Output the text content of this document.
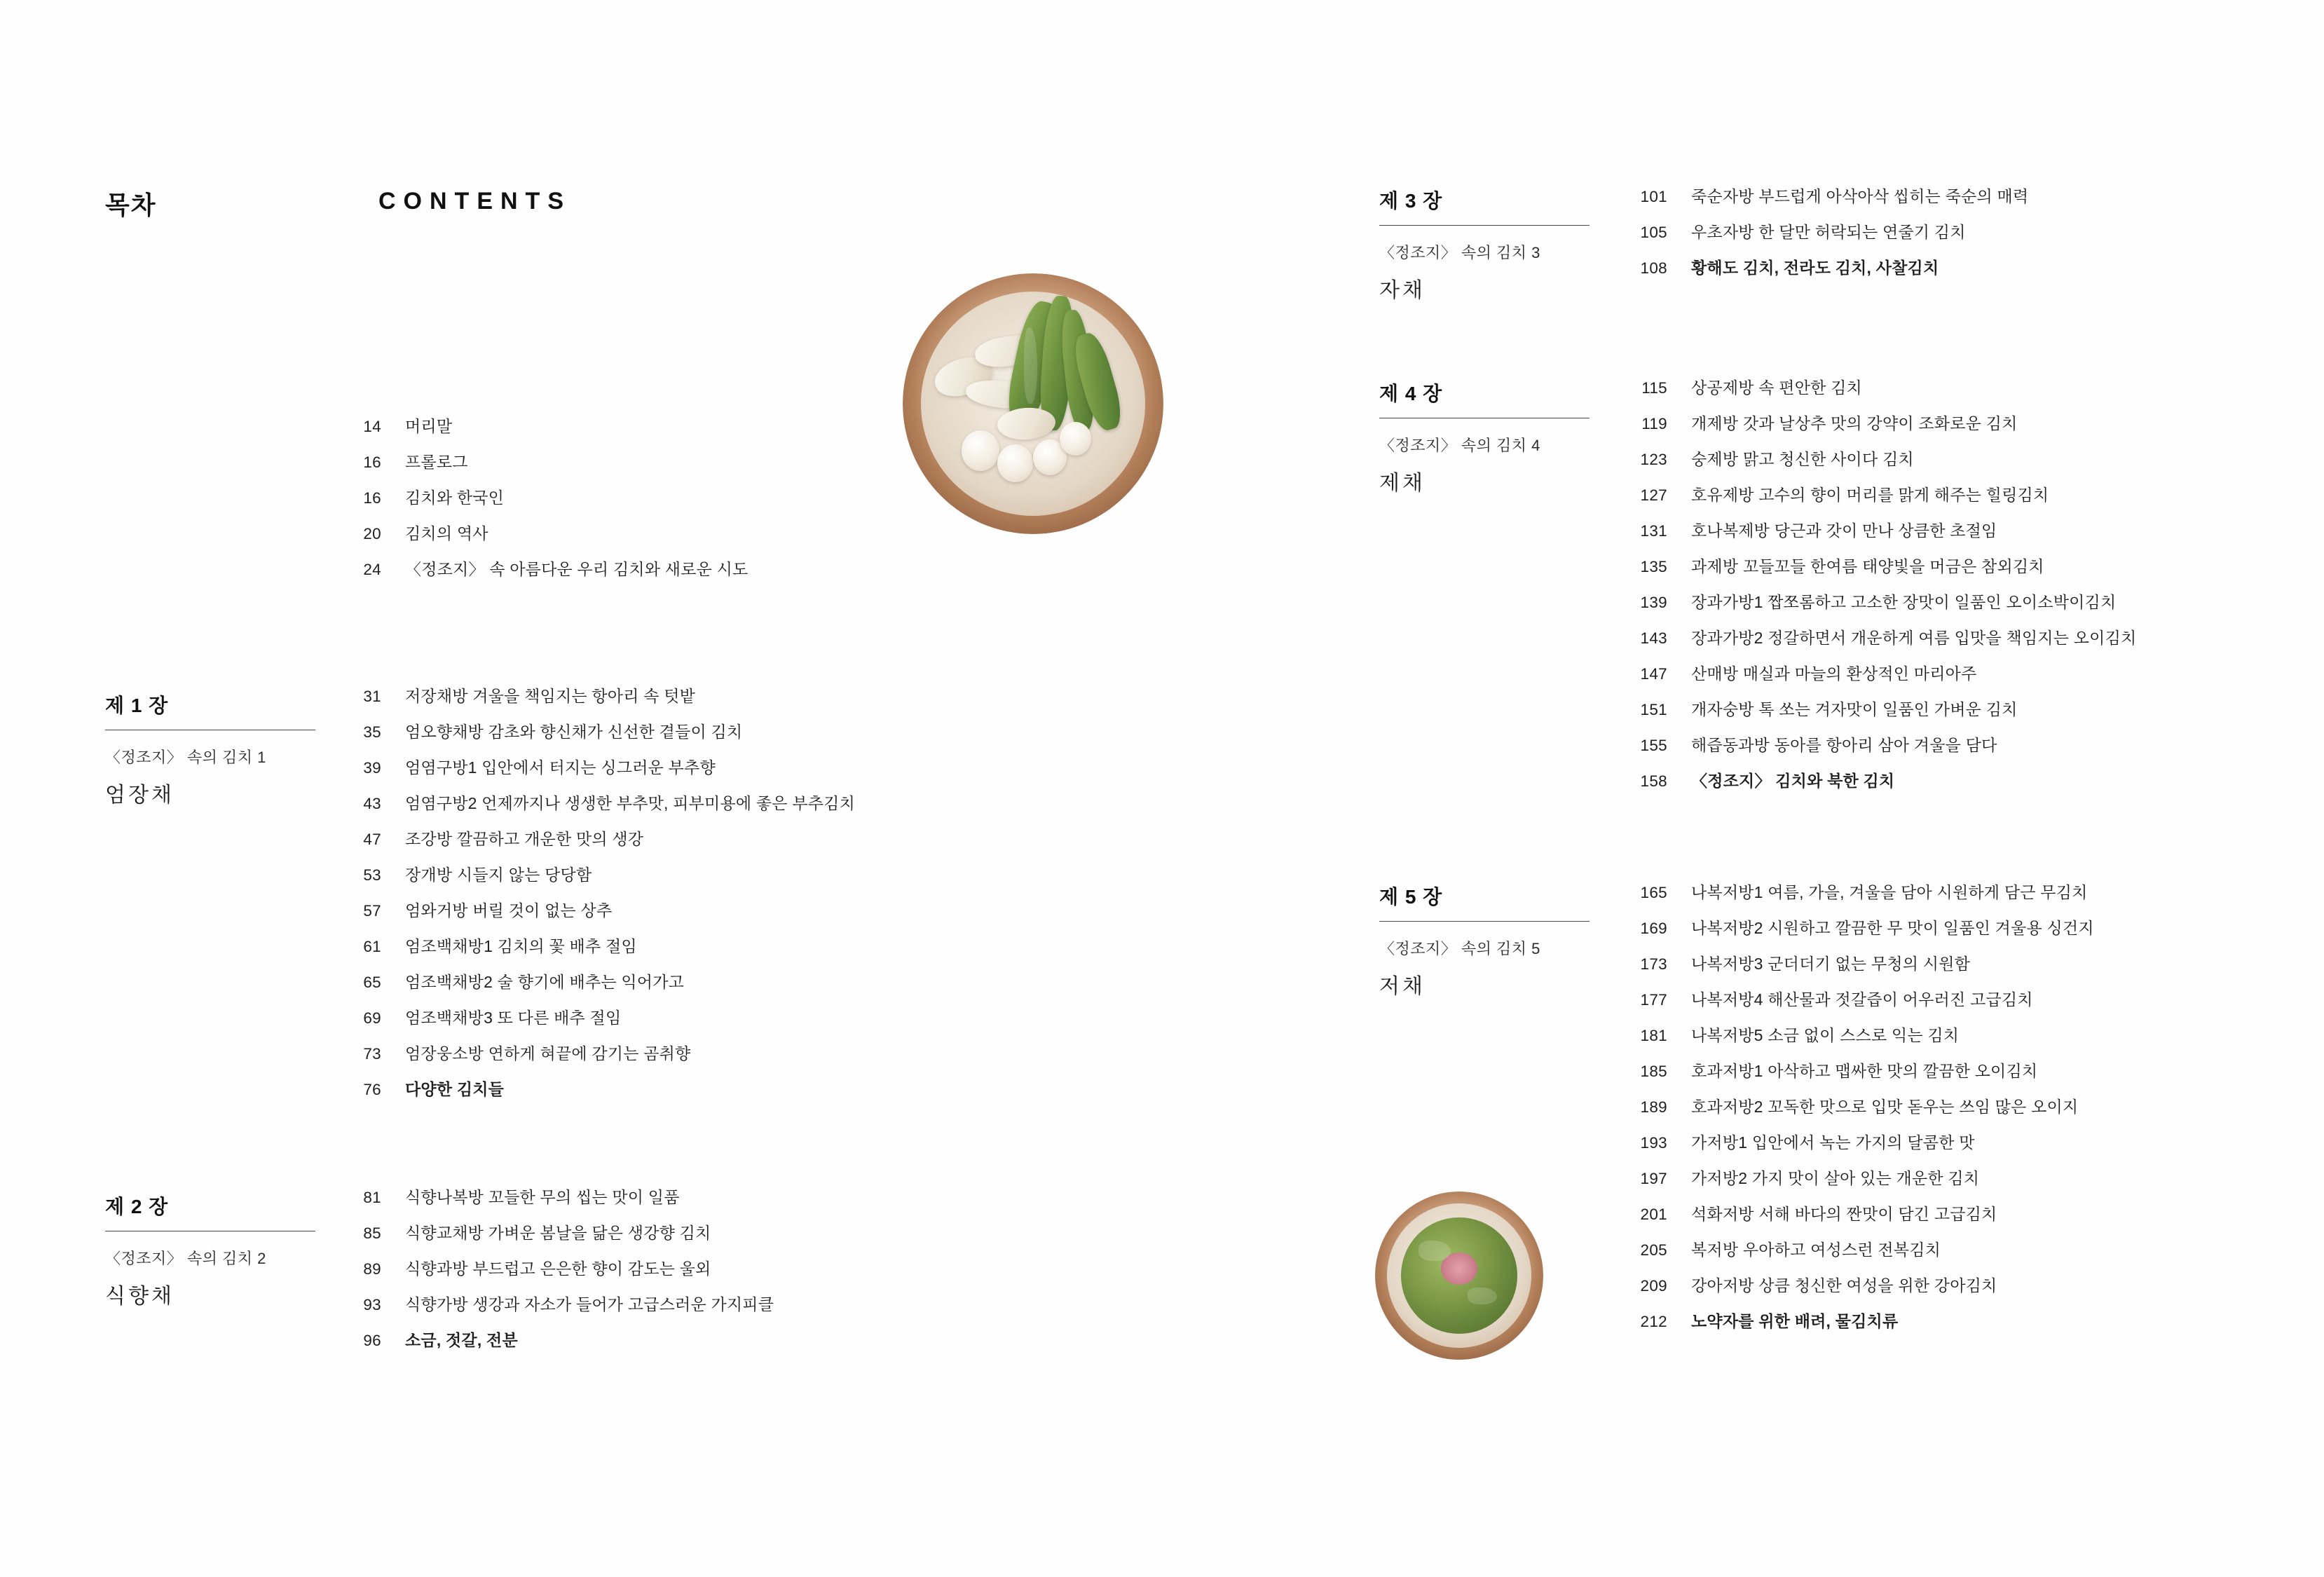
목차	CONTENTS
14	머리말
16	프롤로그
16	김치와 한국인
20	김치의 역사
24	〈정조지〉 속 아름다운 우리 김치와 새로운 시도
제 1 장
〈정조지〉 속의 김치 1
엄장채
31	저장채방 겨울을 책임지는 항아리 속 텃밭
35	엄오향채방 감초와 향신채가 신선한 곁들이 김치
39	엄염구방1 입안에서 터지는 싱그러운 부추향
43	엄염구방2 언제까지나 생생한 부추맛, 피부미용에 좋은 부추김치
47	조강방 깔끔하고 개운한 맛의 생강
53	장개방 시들지 않는 당당함
57	엄와거방 버릴 것이 없는 상추
61	엄조백채방1 김치의 꽃 배추 절임
65	엄조백채방2 술 향기에 배추는 익어가고
69	엄조백채방3 또 다른 배추 절임
73	엄장웅소방 연하게 혀끝에 감기는 곰취향
76	다양한 김치들
제 2 장
〈정조지〉 속의 김치 2
식향채
81	식향나복방 꼬들한 무의 씹는 맛이 일품
85	식향교채방 가벼운 봄날을 닮은 생강향 김치
89	식향과방 부드럽고 은은한 향이 감도는 울외
93	식향가방 생강과 자소가 들어가 고급스러운 가지피클
96	소금, 젓갈, 전분
제 3 장
〈정조지〉 속의 김치 3
자채
101	죽순자방 부드럽게 아삭아삭 씹히는 죽순의 매력
105	우초자방 한 달만 허락되는 연줄기 김치
108	황해도 김치, 전라도 김치, 사찰김치
제 4 장
〈정조지〉 속의 김치 4
제채
115	상공제방 속 편안한 김치
119	개제방 갓과 날상추 맛의 강약이 조화로운 김치
123	숭제방 맑고 청신한 사이다 김치
127	호유제방 고수의 향이 머리를 맑게 해주는 힐링김치
131	호나복제방 당근과 갓이 만나 상큼한 초절임
135	과제방 꼬들꼬들 한여름 태양빛을 머금은 참외김치
139	장과가방1 짭쪼롬하고 고소한 장맛이 일품인 오이소박이김치
143	장과가방2 정갈하면서 개운하게 여름 입맛을 책임지는 오이김치
147	산매방 매실과 마늘의 환상적인 마리아주
151	개자숭방 톡 쏘는 겨자맛이 일품인 가벼운 김치
155	해즙동과방 동아를 항아리 삼아 겨울을 담다
158	〈정조지〉 김치와 북한 김치
제 5 장
〈정조지〉 속의 김치 5
저채
165	나복저방1 여름, 가을, 겨울을 담아 시원하게 담근 무김치
169	나복저방2 시원하고 깔끔한 무 맛이 일품인 겨울용 싱건지
173	나복저방3 군더더기 없는 무청의 시원함
177	나복저방4 해산물과 젓갈즙이 어우러진 고급김치
181	나복저방5 소금 없이 스스로 익는 김치
185	호과저방1 아삭하고 맵싸한 맛의 깔끔한 오이김치
189	호과저방2 꼬독한 맛으로 입맛 돋우는 쓰임 많은 오이지
193	가저방1 입안에서 녹는 가지의 달콤한 맛
197	가저방2 가지 맛이 살아 있는 개운한 김치
201	석화저방 서해 바다의 짠맛이 담긴 고급김치
205	복저방 우아하고 여성스런 전복김치
209	강아저방 상큼 청신한 여성을 위한 강아김치
212	노약자를 위한 배려, 물김치류
